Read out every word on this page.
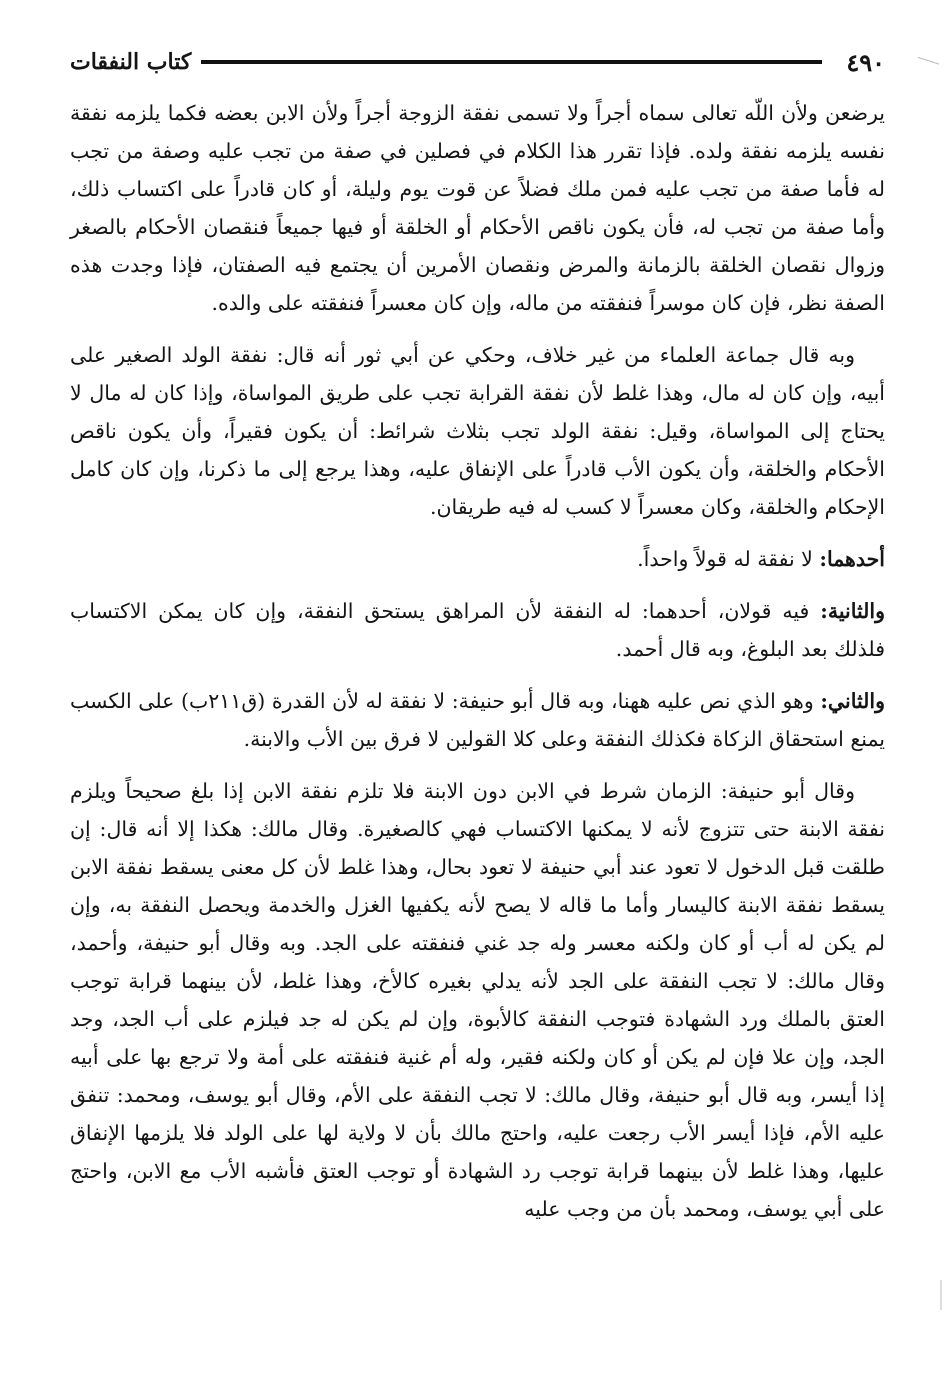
٤٩٠
كتاب النفقات

يرضعن ولأن اللّه تعالى سماه أجراً ولا تسمى نفقة الزوجة أجراً ولأن الابن بعضه فكما يلزمه نفقة نفسه يلزمه نفقة ولده. فإذا تقرر هذا الكلام في فصلين في صفة من تجب عليه وصفة من تجب له فأما صفة من تجب عليه فمن ملك فضلاً عن قوت يوم وليلة، أو كان قادراً على اكتساب ذلك، وأما صفة من تجب له، فأن يكون ناقص الأحكام أو الخلقة أو فيها جميعاً فنقصان الأحكام بالصغر وزوال نقصان الخلقة بالزمانة والمرض ونقصان الأمرين أن يجتمع فيه الصفتان، فإذا وجدت هذه الصفة نظر، فإن كان موسراً فنفقته من ماله، وإن كان معسراً فنفقته على والده.

وبه قال جماعة العلماء من غير خلاف، وحكي عن أبي ثور أنه قال: نفقة الولد الصغير على أبيه، وإن كان له مال، وهذا غلط لأن نفقة القرابة تجب على طريق المواساة، وإذا كان له مال لا يحتاج إلى المواساة، وقيل: نفقة الولد تجب بثلاث شرائط: أن يكون فقيراً، وأن يكون ناقص الأحكام والخلقة، وأن يكون الأب قادراً على الإنفاق عليه، وهذا يرجع إلى ما ذكرنا، وإن كان كامل الإحكام والخلقة، وكان معسراً لا كسب له فيه طريقان.

أحدهما: لا نفقة له قولاً واحداً.

والثانية: فيه قولان، أحدهما: له النفقة لأن المراهق يستحق النفقة، وإن كان يمكن الاكتساب فلذلك بعد البلوغ، وبه قال أحمد.

والثاني: وهو الذي نص عليه ههنا، وبه قال أبو حنيفة: لا نفقة له لأن القدرة (ق٢١١ب) على الكسب يمنع استحقاق الزكاة فكذلك النفقة وعلى كلا القولين لا فرق بين الأب والابنة.

وقال أبو حنيفة: الزمان شرط في الابن دون الابنة فلا تلزم نفقة الابن إذا بلغ صحيحاً ويلزم نفقة الابنة حتى تتزوج لأنه لا يمكنها الاكتساب فهي كالصغيرة. وقال مالك: هكذا إلا أنه قال: إن طلقت قبل الدخول لا تعود عند أبي حنيفة لا تعود بحال، وهذا غلط لأن كل معنى يسقط نفقة الابن يسقط نفقة الابنة كاليسار وأما ما قاله لا يصح لأنه يكفيها الغزل والخدمة ويحصل النفقة به، وإن لم يكن له أب أو كان ولكنه معسر وله جد غني فنفقته على الجد. وبه وقال أبو حنيفة، وأحمد، وقال مالك: لا تجب النفقة على الجد لأنه يدلي بغيره كالأخ، وهذا غلط، لأن بينهما قرابة توجب العتق بالملك ورد الشهادة فتوجب النفقة كالأبوة، وإن لم يكن له جد فيلزم على أب الجد، وجد الجد، وإن علا فإن لم يكن أو كان ولكنه فقير، وله أم غنية فنفقته على أمة ولا ترجع بها على أبيه إذا أيسر، وبه قال أبو حنيفة، وقال مالك: لا تجب النفقة على الأم، وقال أبو يوسف، ومحمد: تنفق عليه الأم، فإذا أيسر الأب رجعت عليه، واحتج مالك بأن لا ولاية لها على الولد فلا يلزمها الإنفاق عليها، وهذا غلط لأن بينهما قرابة توجب رد الشهادة أو توجب العتق فأشبه الأب مع الابن، واحتج على أبي يوسف، ومحمد بأن من وجب عليه
